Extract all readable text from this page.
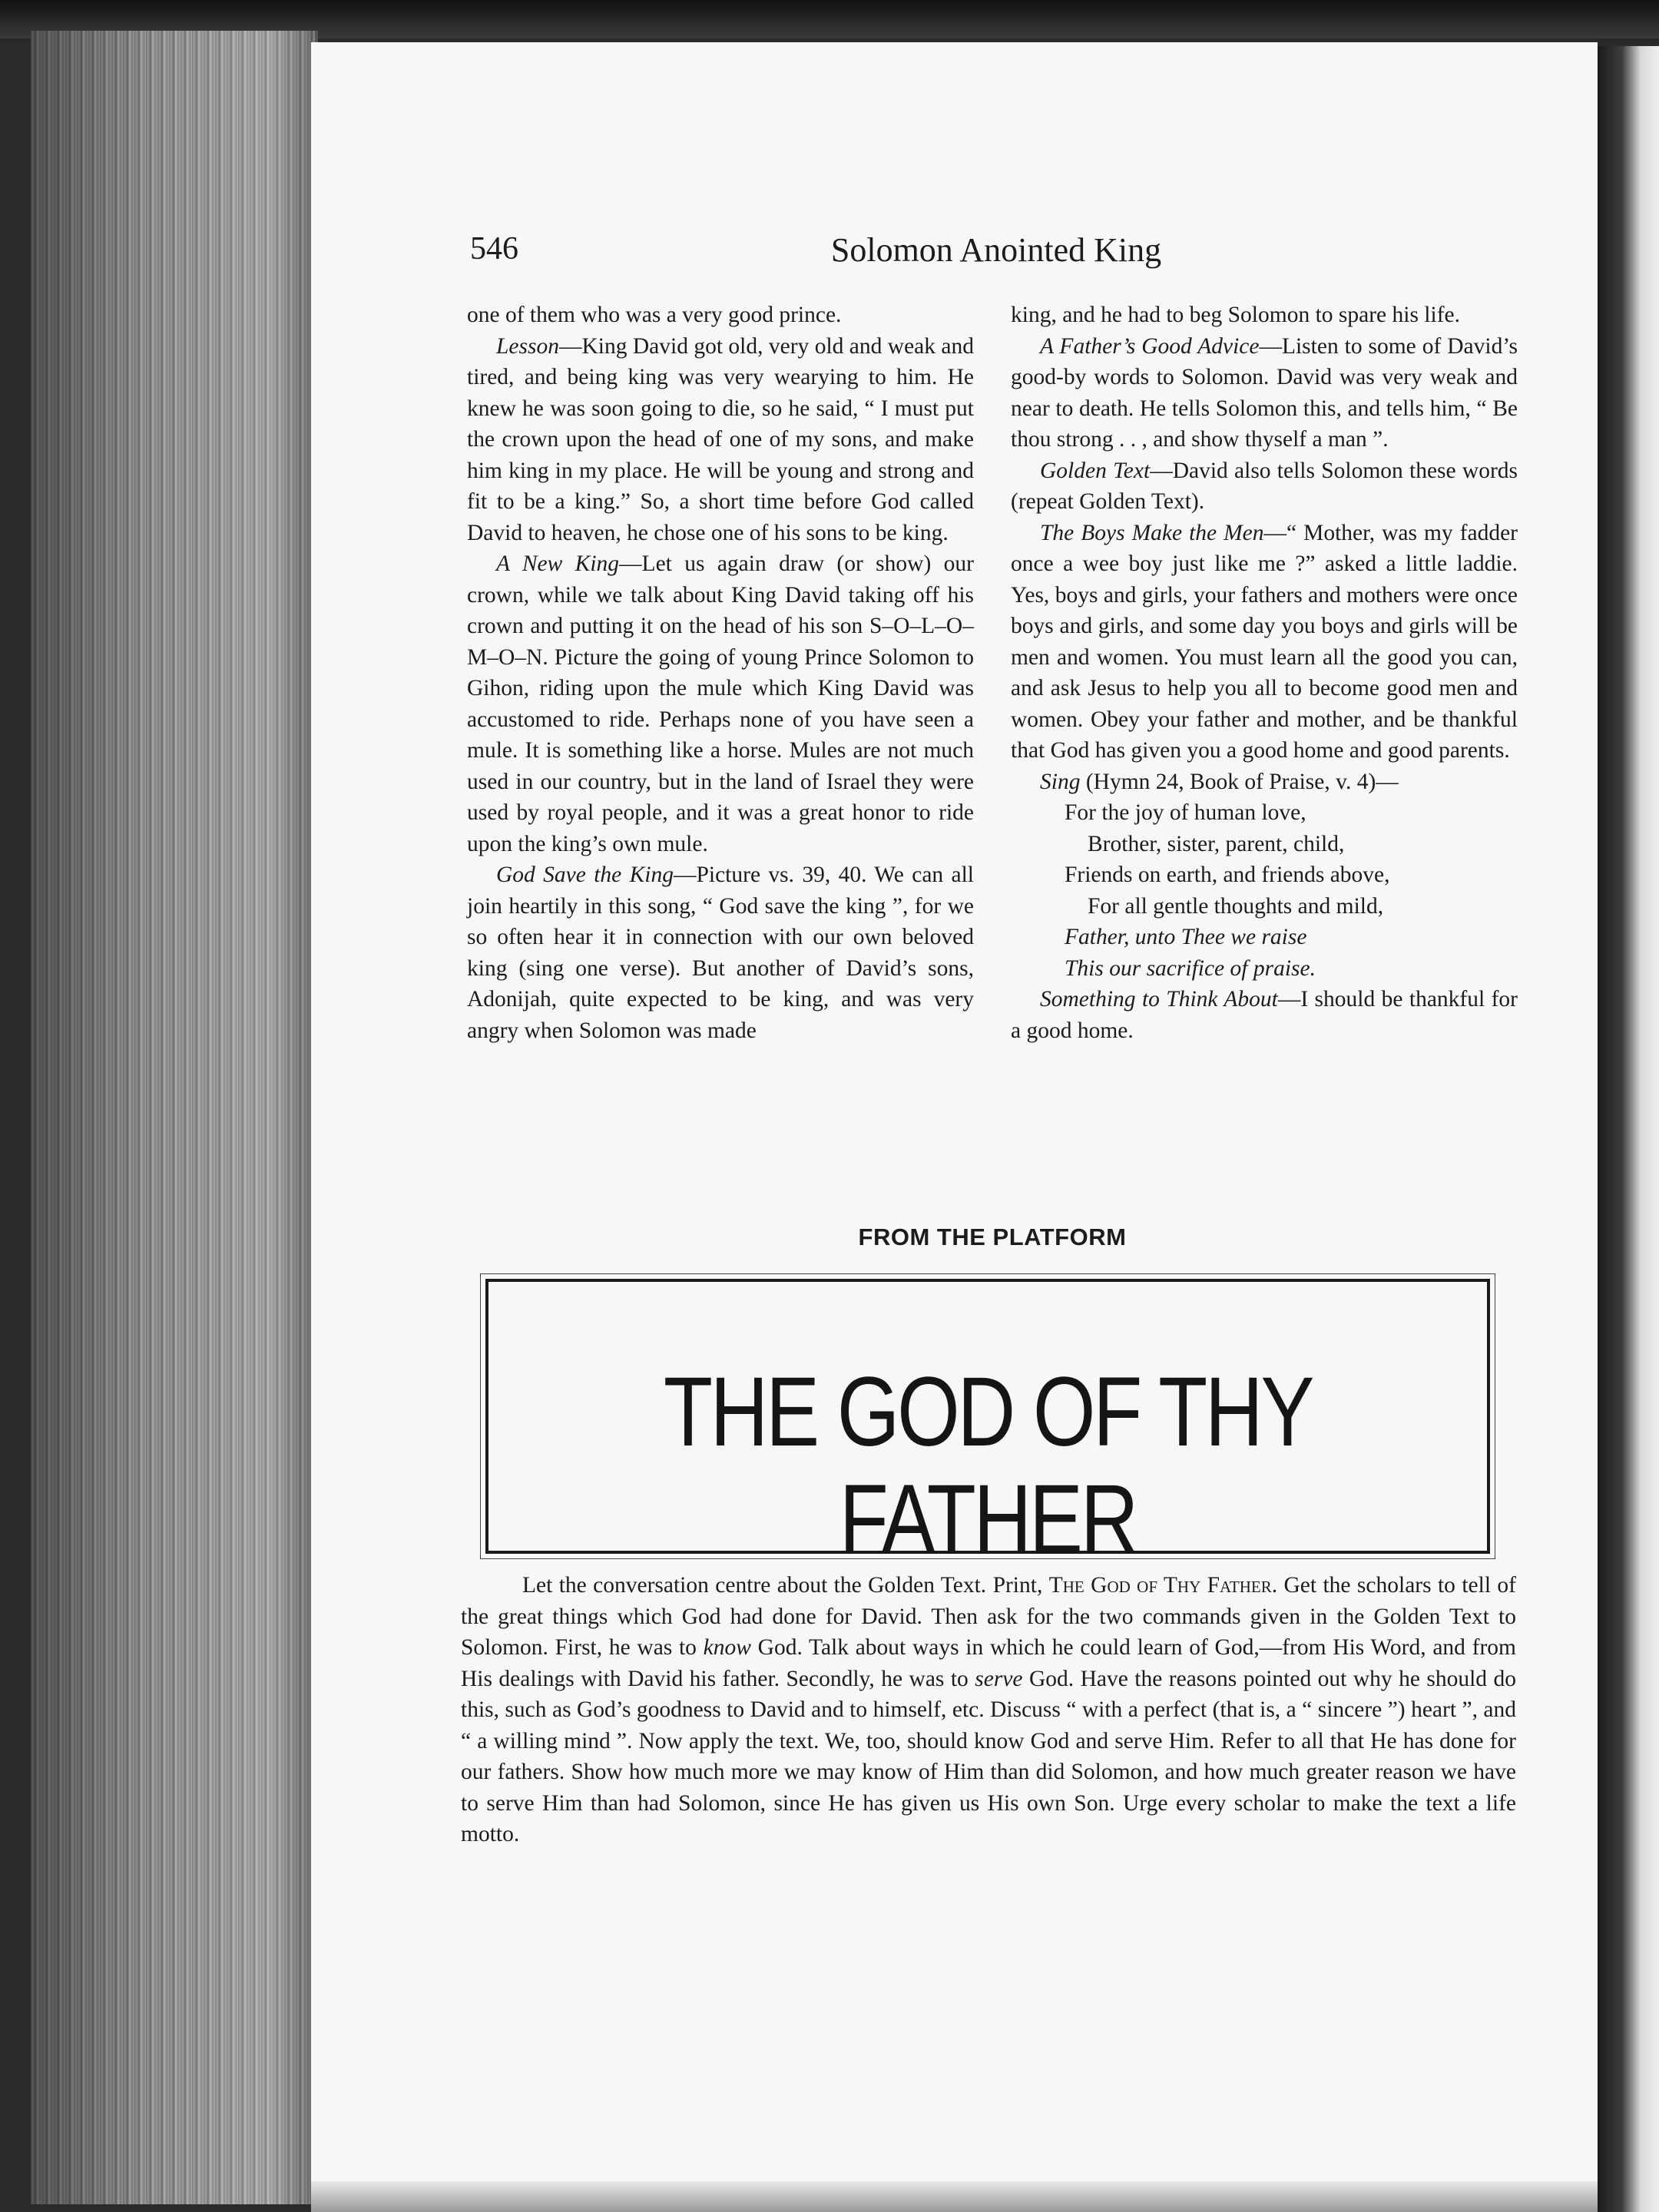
546	Solomon Anointed King

one of them who was a very good prince.

Lesson—King David got old, very old and weak and tired, and being king was very wearying to him. He knew he was soon going to die, so he said, “ I must put the crown upon the head of one of my sons, and make him king in my place. He will be young and strong and fit to be a king.” So, a short time before God called David to heaven, he chose one of his sons to be king.

A New King—Let us again draw (or show) our crown, while we talk about King David taking off his crown and putting it on the head of his son S–O–L–O–M–O–N. Picture the going of young Prince Solomon to Gihon, riding upon the mule which King David was accustomed to ride. Perhaps none of you have seen a mule. It is something like a horse. Mules are not much used in our country, but in the land of Israel they were used by royal people, and it was a great honor to ride upon the king’s own mule.

God Save the King—Picture vs. 39, 40. We can all join heartily in this song, “ God save the king ”, for we so often hear it in connection with our own beloved king (sing one verse). But another of David’s sons, Adonijah, quite expected to be king, and was very angry when Solomon was made

king, and he had to beg Solomon to spare his life.

A Father’s Good Advice—Listen to some of David’s good-by words to Solomon. David was very weak and near to death. He tells Solomon this, and tells him, “ Be thou strong . . , and show thyself a man ”.

Golden Text—David also tells Solomon these words (repeat Golden Text).

The Boys Make the Men—“ Mother, was my fadder once a wee boy just like me ?” asked a little laddie. Yes, boys and girls, your fathers and mothers were once boys and girls, and some day you boys and girls will be men and women. You must learn all the good you can, and ask Jesus to help you all to become good men and women. Obey your father and mother, and be thankful that God has given you a good home and good parents.

Sing (Hymn 24, Book of Praise, v. 4)—

For the joy of human love,
Brother, sister, parent, child,
Friends on earth, and friends above,
For all gentle thoughts and mild,
Father, unto Thee we raise
This our sacrifice of praise.

Something to Think About—I should be thankful for a good home.

FROM THE PLATFORM
THE GOD OF THY FATHER

Let the conversation centre about the Golden Text. Print, The God of Thy Father. Get the scholars to tell of the great things which God had done for David. Then ask for the two commands given in the Golden Text to Solomon. First, he was to know God. Talk about ways in which he could learn of God,—from His Word, and from His dealings with David his father. Secondly, he was to serve God. Have the reasons pointed out why he should do this, such as God’s goodness to David and to himself, etc. Discuss “ with a perfect (that is, a “ sincere ”) heart ”, and “ a willing mind ”. Now apply the text. We, too, should know God and serve Him. Refer to all that He has done for our fathers. Show how much more we may know of Him than did Solomon, and how much greater reason we have to serve Him than had Solomon, since He has given us His own Son. Urge every scholar to make the text a life motto.
